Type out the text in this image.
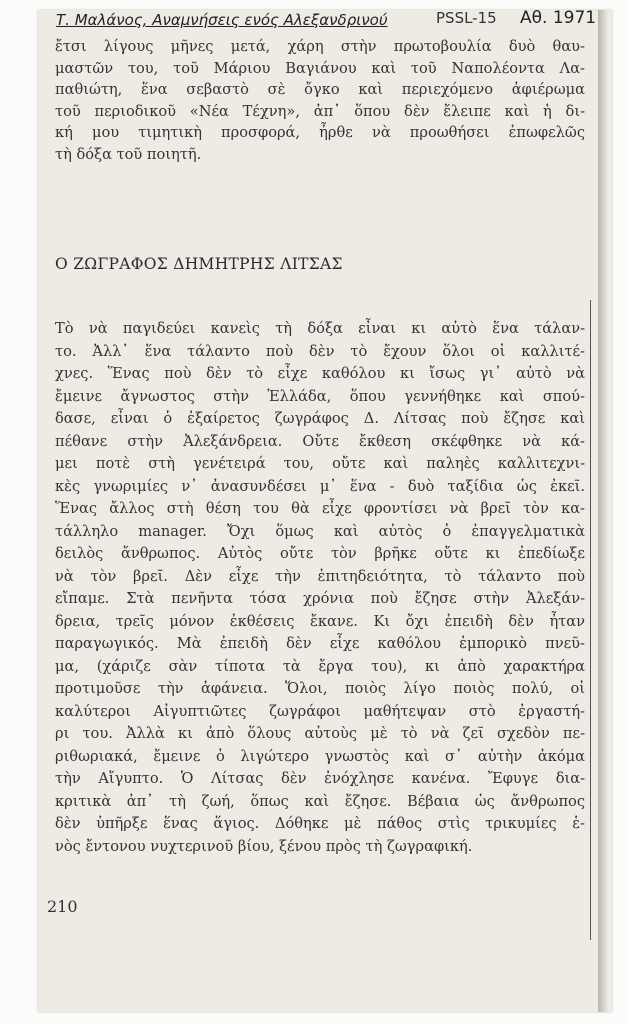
Τ. Μαλάνος, Αναμνήσεις ενός Αλεξανδρινού	PSSL-15 Αθ. 1971
ἔτσι λίγους μῆνες μετά, χάρη στὴν πρωτοβουλία δυὸ θαυ-
μαστῶν του, τοῦ Μάριου Βαγιάνου καὶ τοῦ Ναπολέοντα Λα-
παθιώτη, ἕνα σεβαστὸ σὲ ὄγκο καὶ περιεχόμενο ἀφιέρωμα
τοῦ περιοδικοῦ «Νέα Τέχνη», ἀπ᾿ ὅπου δὲν ἔλειπε καὶ ἡ δι-
κή μου τιμητικὴ προσφορά, ἦρθε νὰ προωθήσει ἐπωφελῶς
τὴ δόξα τοῦ ποιητῆ.
Ο ΖΩΓΡΑΦΟΣ ΔΗΜΗΤΡΗΣ ΛΙΤΣΑΣ
Τὸ νὰ παγιδεύει κανεὶς τὴ δόξα εἶναι κι αὐτὸ ἕνα τάλαν-
το. Ἀλλ᾿ ἕνα τάλαντο ποὺ δὲν τὸ ἔχουν ὅλοι οἱ καλλιτέ-
χνες. Ἕνας ποὺ δὲν τὸ εἶχε καθόλου κι ἴσως γι᾿ αὐτὸ νὰ
ἔμεινε ἄγνωστος στὴν Ἑλλάδα, ὅπου γεννήθηκε καὶ σπού-
δασε, εἶναι ὁ ἐξαίρετος ζωγράφος Δ. Λίτσας ποὺ ἔζησε καὶ
πέθανε στὴν Ἀλεξάνδρεια. Οὔτε ἔκθεση σκέφθηκε νὰ κά-
μει ποτὲ στὴ γενέτειρά του, οὔτε καὶ παληὲς καλλιτεχνι-
κὲς γνωριμίες ν᾿ ἀνασυνδέσει μ᾿ ἕνα - δυὸ ταξίδια ὡς ἐκεῖ.
Ἕνας ἄλλος στὴ θέση του θὰ εἶχε φροντίσει νὰ βρεῖ τὸν κα-
τάλληλο manager. Ὄχι ὅμως καὶ αὐτὸς ὁ ἐπαγγελματικὰ
δειλὸς ἄνθρωπος. Αὐτὸς οὔτε τὸν βρῆκε οὔτε κι ἐπεδίωξε
νὰ τὸν βρεῖ. Δὲν εἶχε τὴν ἐπιτηδειότητα, τὸ τάλαντο ποὺ
εἴπαμε. Στὰ πενῆντα τόσα χρόνια ποὺ ἔζησε στὴν Ἀλεξάν-
δρεια, τρεῖς μόνον ἐκθέσεις ἔκανε. Κι ὄχι ἐπειδὴ δὲν ἦταν
παραγωγικός. Μὰ ἐπειδὴ δὲν εἶχε καθόλου ἐμπορικὸ πνεῦ-
μα, (χάριζε σὰν τίποτα τὰ ἔργα του), κι ἀπὸ χαρακτήρα
προτιμοῦσε τὴν ἀφάνεια. Ὅλοι, ποιὸς λίγο ποιὸς πολύ, οἱ
καλύτεροι Αἰγυπτιῶτες ζωγράφοι μαθήτεψαν στὸ ἐργαστή-
ρι του. Ἀλλὰ κι ἀπὸ ὅλους αὐτοὺς μὲ τὸ νὰ ζεῖ σχεδὸν πε-
ριθωριακά, ἔμεινε ὁ λιγώτερο γνωστὸς καὶ σ᾿ αὐτὴν ἀκόμα
τὴν Αἴγυπτο. Ὁ Λίτσας δὲν ἐνόχλησε κανένα. Ἔφυγε δια-
κριτικὰ ἀπ᾿ τὴ ζωή, ὅπως καὶ ἔζησε. Βέβαια ὡς ἄνθρωπος
δὲν ὑπῆρξε ἕνας ἅγιος. Δόθηκε μὲ πάθος στὶς τρικυμίες ἑ-
νὸς ἔντονου νυχτερινοῦ βίου, ξένου πρὸς τὴ ζωγραφική.
210
